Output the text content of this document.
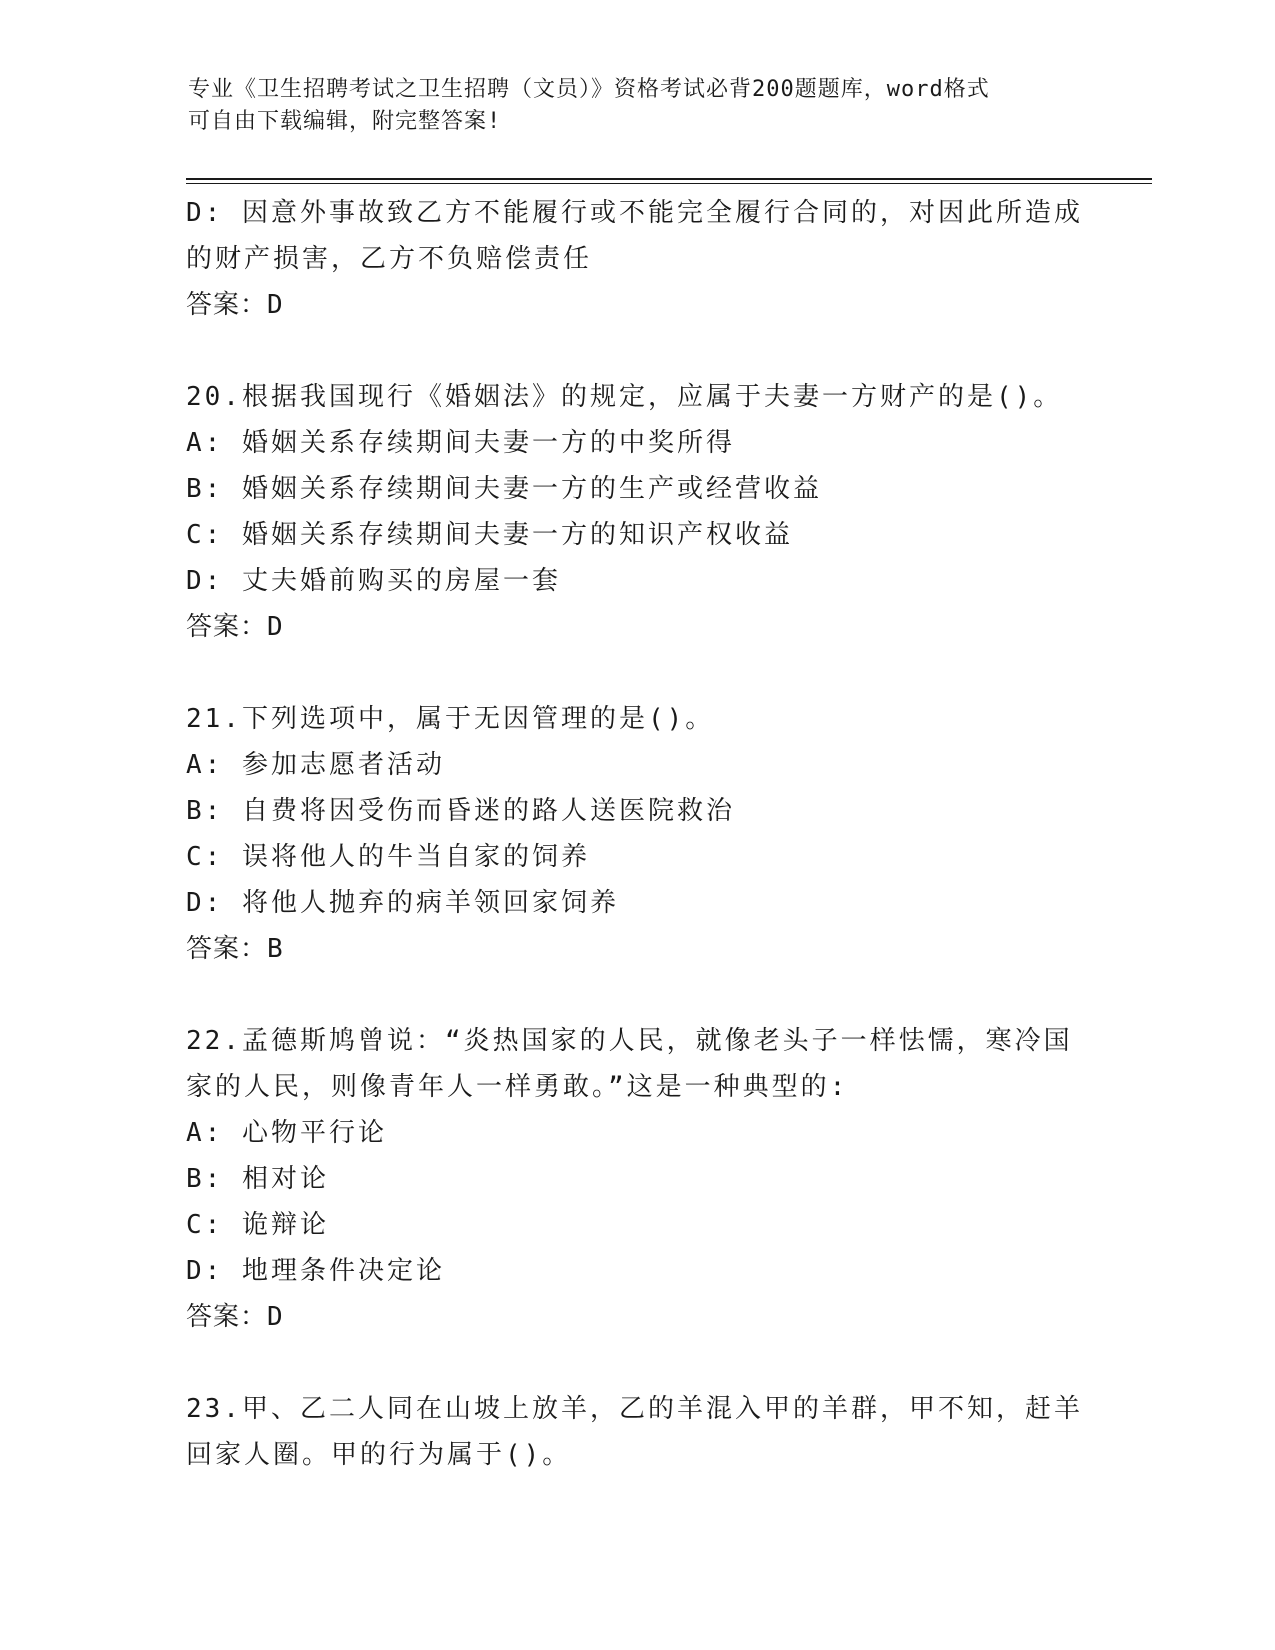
专业《卫生招聘考试之卫生招聘（文员）》资格考试必背200题题库，word格式
可自由下载编辑，附完整答案!
D: 因意外事故致乙方不能履行或不能完全履行合同的，对因此所造成
的财产损害，乙方不负赔偿责任
答案：D
20.根据我国现行《婚姻法》的规定，应属于夫妻一方财产的是()。
A: 婚姻关系存续期间夫妻一方的中奖所得
B: 婚姻关系存续期间夫妻一方的生产或经营收益
C: 婚姻关系存续期间夫妻一方的知识产权收益
D: 丈夫婚前购买的房屋一套
答案：D
21.下列选项中，属于无因管理的是()。
A: 参加志愿者活动
B: 自费将因受伤而昏迷的路人送医院救治
C: 误将他人的牛当自家的饲养
D: 将他人抛弃的病羊领回家饲养
答案：B
22.孟德斯鸠曾说：“炎热国家的人民，就像老头子一样怯懦，寒冷国
家的人民，则像青年人一样勇敢。”这是一种典型的:
A: 心物平行论
B: 相对论
C: 诡辩论
D: 地理条件决定论
答案：D
23.甲、乙二人同在山坡上放羊，乙的羊混入甲的羊群，甲不知，赶羊
回家人圈。甲的行为属于()。
